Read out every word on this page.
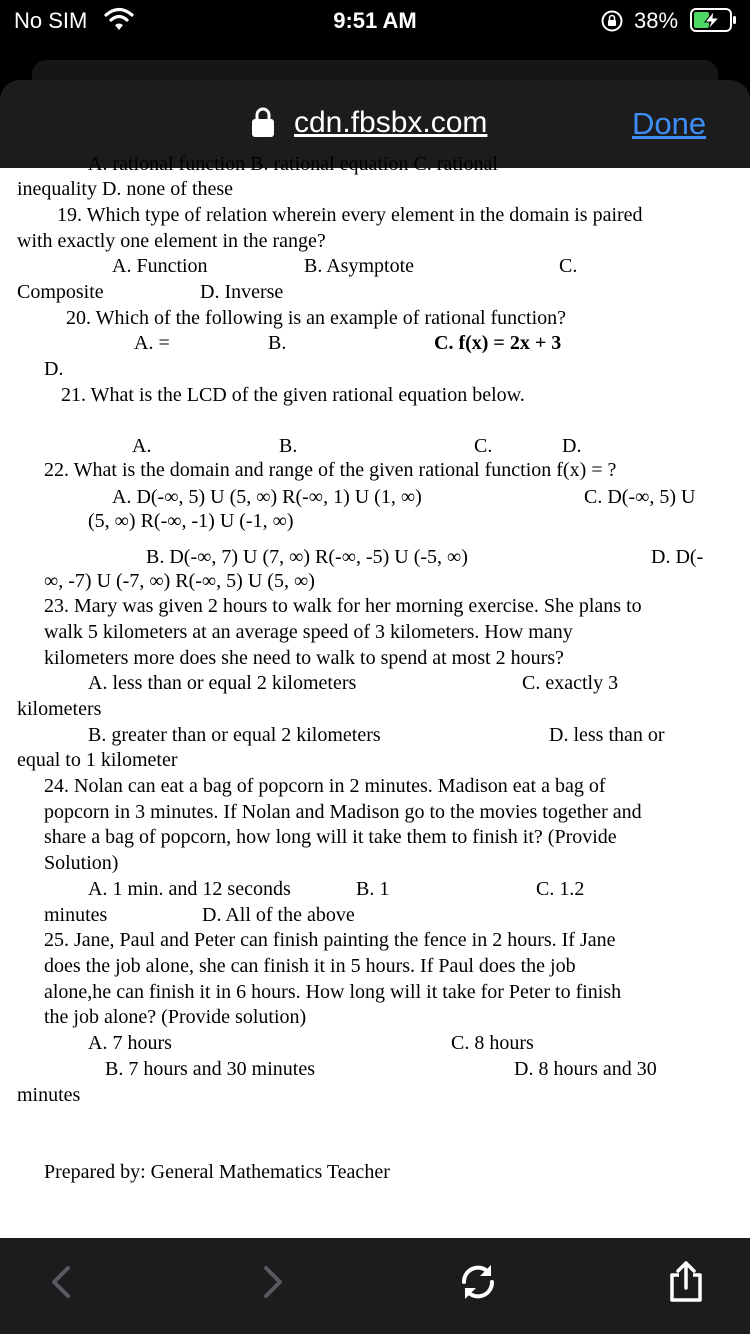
No SIM	9:51 AM	38%
cdn.fbsbx.com	Done
A. rational function B. rational equation C. rational
inequality D. none of these
19. Which type of relation wherein every element in the domain is paired
with exactly one element in the range?
A. Function	B. Asymptote	C.
Composite	D. Inverse
20. Which of the following is an example of rational function?
A. =	B.	C. f(x) = 2x + 3
D.
21. What is the LCD of the given rational equation below.
A.	B.	C.	D.
22. What is the domain and range of the given rational function f(x) = ?
A. D(-∞, 5) U (5, ∞) R(-∞, 1) U (1, ∞)	C. D(-∞, 5) U
(5, ∞) R(-∞, -1) U (-1, ∞)
B. D(-∞, 7) U (7, ∞) R(-∞, -5) U (-5, ∞)	D. D(-
∞, -7) U (-7, ∞) R(-∞, 5) U (5, ∞)
23. Mary was given 2 hours to walk for her morning exercise. She plans to
walk 5 kilometers at an average speed of 3 kilometers. How many
kilometers more does she need to walk to spend at most 2 hours?
A. less than or equal 2 kilometers	C. exactly 3
kilometers
B. greater than or equal 2 kilometers	D. less than or
equal to 1 kilometer
24. Nolan can eat a bag of popcorn in 2 minutes. Madison eat a bag of
popcorn in 3 minutes. If Nolan and Madison go to the movies together and
share a bag of popcorn, how long will it take them to finish it? (Provide
Solution)
A. 1 min. and 12 seconds	B. 1	C. 1.2
minutes	D. All of the above
25. Jane, Paul and Peter can finish painting the fence in 2 hours. If Jane
does the job alone, she can finish it in 5 hours. If Paul does the job
alone,he can finish it in 6 hours. How long will it take for Peter to finish
the job alone? (Provide solution)
A. 7 hours	C. 8 hours
B. 7 hours and 30 minutes	D. 8 hours and 30
minutes
Prepared by: General Mathematics Teacher
